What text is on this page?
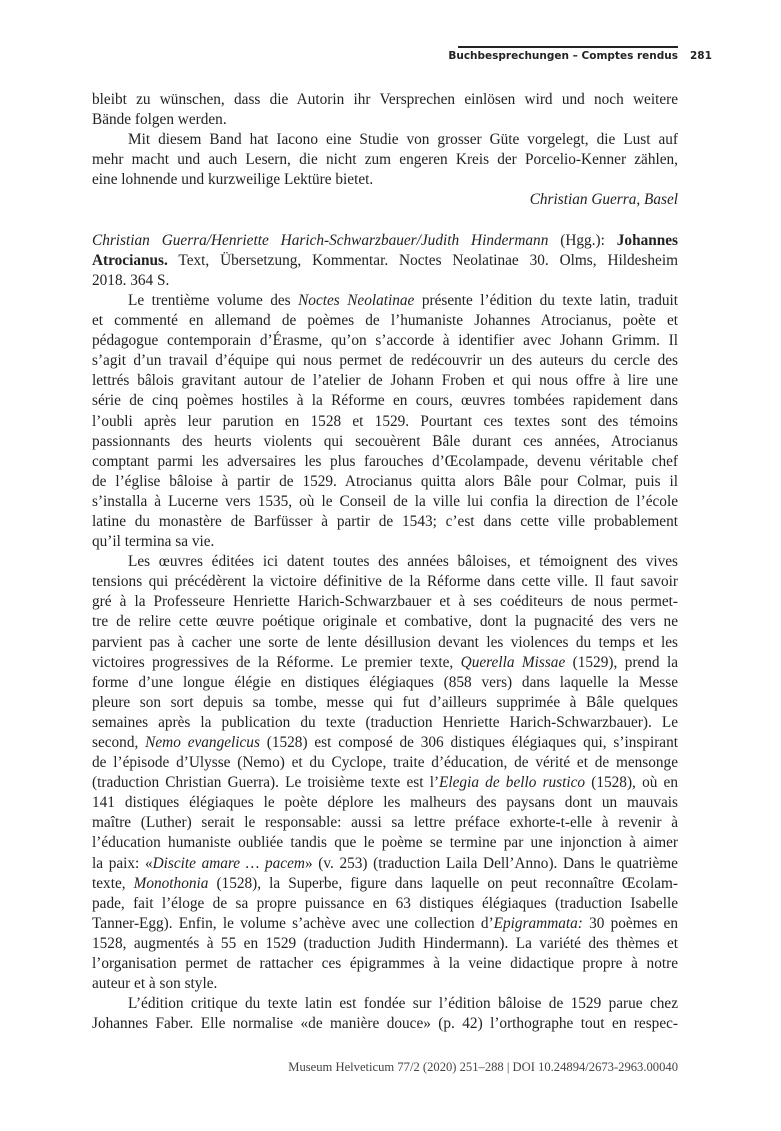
Buchbesprechungen – Comptes rendus 281
bleibt zu wünschen, dass die Autorin ihr Versprechen einlösen wird und noch weitere
Bände folgen werden.
Mit diesem Band hat Iacono eine Studie von grosser Güte vorgelegt, die Lust auf
mehr macht und auch Lesern, die nicht zum engeren Kreis der Porcelio-Kenner zählen,
eine lohnende und kurzweilige Lektüre bietet.
Christian Guerra, Basel
Christian Guerra/Henriette Harich-Schwarzbauer/Judith Hindermann (Hgg.): Johannes
Atrocianus. Text, Übersetzung, Kommentar. Noctes Neolatinae 30. Olms, Hildesheim
2018. 364 S.
Le trentième volume des Noctes Neolatinae présente l’édition du texte latin, traduit
et commenté en allemand de poèmes de l’humaniste Johannes Atrocianus, poète et
pédagogue contemporain d’Érasme, qu’on s’accorde à identifier avec Johann Grimm. Il
s’agit d’un travail d’équipe qui nous permet de redécouvrir un des auteurs du cercle des
lettrés bâlois gravitant autour de l’atelier de Johann Froben et qui nous offre à lire une
série de cinq poèmes hostiles à la Réforme en cours, œuvres tombées rapidement dans
l’oubli après leur parution en 1528 et 1529. Pourtant ces textes sont des témoins
passionnants des heurts violents qui secouèrent Bâle durant ces années, Atrocianus
comptant parmi les adversaires les plus farouches d’Œcolampade, devenu véritable chef
de l’église bâloise à partir de 1529. Atrocianus quitta alors Bâle pour Colmar, puis il
s’installa à Lucerne vers 1535, où le Conseil de la ville lui confia la direction de l’école
latine du monastère de Barfüsser à partir de 1543; c’est dans cette ville probablement
qu’il termina sa vie.
Les œuvres éditées ici datent toutes des années bâloises, et témoignent des vives
tensions qui précédèrent la victoire définitive de la Réforme dans cette ville. Il faut savoir
gré à la Professeure Henriette Harich-Schwarzbauer et à ses coéditeurs de nous permet-
tre de relire cette œuvre poétique originale et combative, dont la pugnacité des vers ne
parvient pas à cacher une sorte de lente désillusion devant les violences du temps et les
victoires progressives de la Réforme. Le premier texte, Querella Missae (1529), prend la
forme d’une longue élégie en distiques élégiaques (858 vers) dans laquelle la Messe
pleure son sort depuis sa tombe, messe qui fut d’ailleurs supprimée à Bâle quelques
semaines après la publication du texte (traduction Henriette Harich-Schwarzbauer). Le
second, Nemo evangelicus (1528) est composé de 306 distiques élégiaques qui, s’inspirant
de l’épisode d’Ulysse (Nemo) et du Cyclope, traite d’éducation, de vérité et de mensonge
(traduction Christian Guerra). Le troisième texte est l’Elegia de bello rustico (1528), où en
141 distiques élégiaques le poète déplore les malheurs des paysans dont un mauvais
maître (Luther) serait le responsable: aussi sa lettre préface exhorte-t-elle à revenir à
l’éducation humaniste oubliée tandis que le poème se termine par une injonction à aimer
la paix: «Discite amare … pacem» (v. 253) (traduction Laila Dell’Anno). Dans le quatrième
texte, Monothonia (1528), la Superbe, figure dans laquelle on peut reconnaître Œcolam-
pade, fait l’éloge de sa propre puissance en 63 distiques élégiaques (traduction Isabelle
Tanner-Egg). Enfin, le volume s’achève avec une collection d’Epigrammata: 30 poèmes en
1528, augmentés à 55 en 1529 (traduction Judith Hindermann). La variété des thèmes et
l’organisation permet de rattacher ces épigrammes à la veine didactique propre à notre
auteur et à son style.
L’édition critique du texte latin est fondée sur l’édition bâloise de 1529 parue chez
Johannes Faber. Elle normalise «de manière douce» (p. 42) l’orthographe tout en respec-
Museum Helveticum 77/2 (2020) 251–288 | DOI 10.24894/2673-2963.00040
